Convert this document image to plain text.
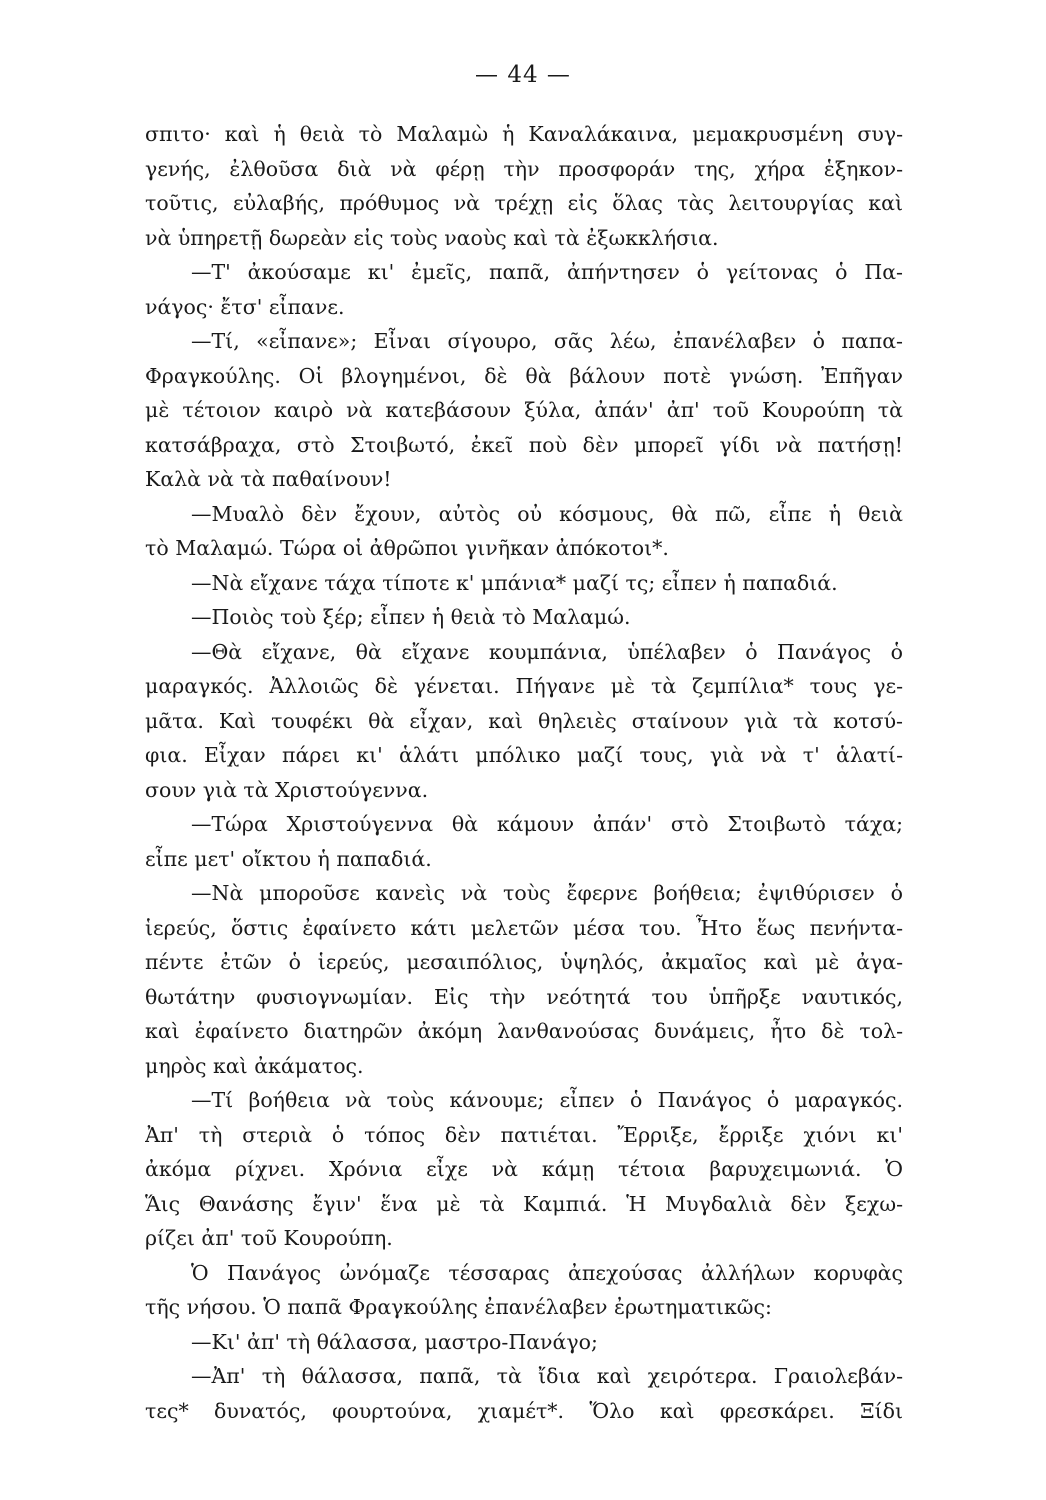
— 44 —
σπιτο· καὶ ἡ θειὰ τὸ Μαλαμὼ ἡ Καναλάκαινα, μεμακρυσμένη συγ-
γενής, ἐλθοῦσα διὰ νὰ φέρῃ τὴν προσφοράν της, χήρα ἑξηκον-
τοῦτις, εὐλαβής, πρόθυμος νὰ τρέχῃ εἰς ὅλας τὰς λειτουργίας καὶ
νὰ ὑπηρετῇ δωρεὰν εἰς τοὺς ναοὺς καὶ τὰ ἐξωκκλήσια.
—Τ' ἀκούσαμε κι' ἐμεῖς, παπᾶ, ἀπήντησεν ὁ γείτονας ὁ Πα-
νάγος· ἔτσ' εἶπανε.
—Τί, «εἶπανε»; Εἶναι σίγουρο, σᾶς λέω, ἐπανέλαβεν ὁ παπα-
Φραγκούλης. Οἱ βλογημένοι, δὲ θὰ βάλουν ποτὲ γνώση. Ἐπῆγαν
μὲ τέτοιον καιρὸ νὰ κατεβάσουν ξύλα, ἀπάν' ἀπ' τοῦ Κουρούπη τὰ
κατσάβραχα, στὸ Στοιβωτό, ἐκεῖ ποὺ δὲν μπορεῖ γίδι νὰ πατήσῃ!
Καλὰ νὰ τὰ παθαίνουν!
—Μυαλὸ δὲν ἔχουν, αὐτὸς οὐ κόσμους, θὰ πῶ, εἶπε ἡ θειὰ
τὸ Μαλαμώ. Τώρα οἱ ἀθρῶποι γινῆκαν ἀπόκοτοι*.
—Νὰ εἴχανε τάχα τίποτε κ' μπάνια* μαζί τς; εἶπεν ἡ παπαδιά.
—Ποιὸς τοὺ ξέρ; εἶπεν ἡ θειὰ τὸ Μαλαμώ.
—Θὰ εἴχανε, θὰ εἴχανε κουμπάνια, ὑπέλαβεν ὁ Πανάγος ὁ
μαραγκός. Ἀλλοιῶς δὲ γένεται. Πήγανε μὲ τὰ ζεμπίλια* τους γε-
μᾶτα. Καὶ τουφέκι θὰ εἶχαν, καὶ θηλειὲς σταίνουν γιὰ τὰ κοτσύ-
φια. Εἶχαν πάρει κι' ἁλάτι μπόλικο μαζί τους, γιὰ νὰ τ' ἁλατί-
σουν γιὰ τὰ Χριστούγεννα.
—Τώρα Χριστούγεννα θὰ κάμουν ἀπάν' στὸ Στοιβωτὸ τάχα;
εἶπε μετ' οἴκτου ἡ παπαδιά.
—Νὰ μποροῦσε κανεὶς νὰ τοὺς ἔφερνε βοήθεια; ἐψιθύρισεν ὁ
ἱερεύς, ὅστις ἐφαίνετο κάτι μελετῶν μέσα του. Ἦτο ἕως πενήντα-
πέντε ἐτῶν ὁ ἱερεύς, μεσαιπόλιος, ὑψηλός, ἀκμαῖος καὶ μὲ ἀγα-
θωτάτην φυσιογνωμίαν. Εἰς τὴν νεότητά του ὑπῆρξε ναυτικός,
καὶ ἐφαίνετο διατηρῶν ἀκόμη λανθανούσας δυνάμεις, ἦτο δὲ τολ-
μηρὸς καὶ ἀκάματος.
—Τί βοήθεια νὰ τοὺς κάνουμε; εἶπεν ὁ Πανάγος ὁ μαραγκός.
Ἀπ' τὴ στεριὰ ὁ τόπος δὲν πατιέται. Ἔρριξε, ἔρριξε χιόνι κι'
ἀκόμα ρίχνει. Χρόνια εἶχε νὰ κάμῃ τέτοια βαρυχειμωνιά. Ὁ
Ἅις Θανάσης ἔγιν' ἕνα μὲ τὰ Καμπιά. Ἡ Μυγδαλιὰ δὲν ξεχω-
ρίζει ἀπ' τοῦ Κουρούπη.
Ὁ Πανάγος ὠνόμαζε τέσσαρας ἀπεχούσας ἀλλήλων κορυφὰς
τῆς νήσου. Ὁ παπᾶ Φραγκούλης ἐπανέλαβεν ἐρωτηματικῶς:
—Κι' ἀπ' τὴ θάλασσα, μαστρο-Πανάγο;
—Ἀπ' τὴ θάλασσα, παπᾶ, τὰ ἴδια καὶ χειρότερα. Γραιολεβάν-
τες* δυνατός, φουρτούνα, χιαμέτ*. Ὅλο καὶ φρεσκάρει. Ξίδι
